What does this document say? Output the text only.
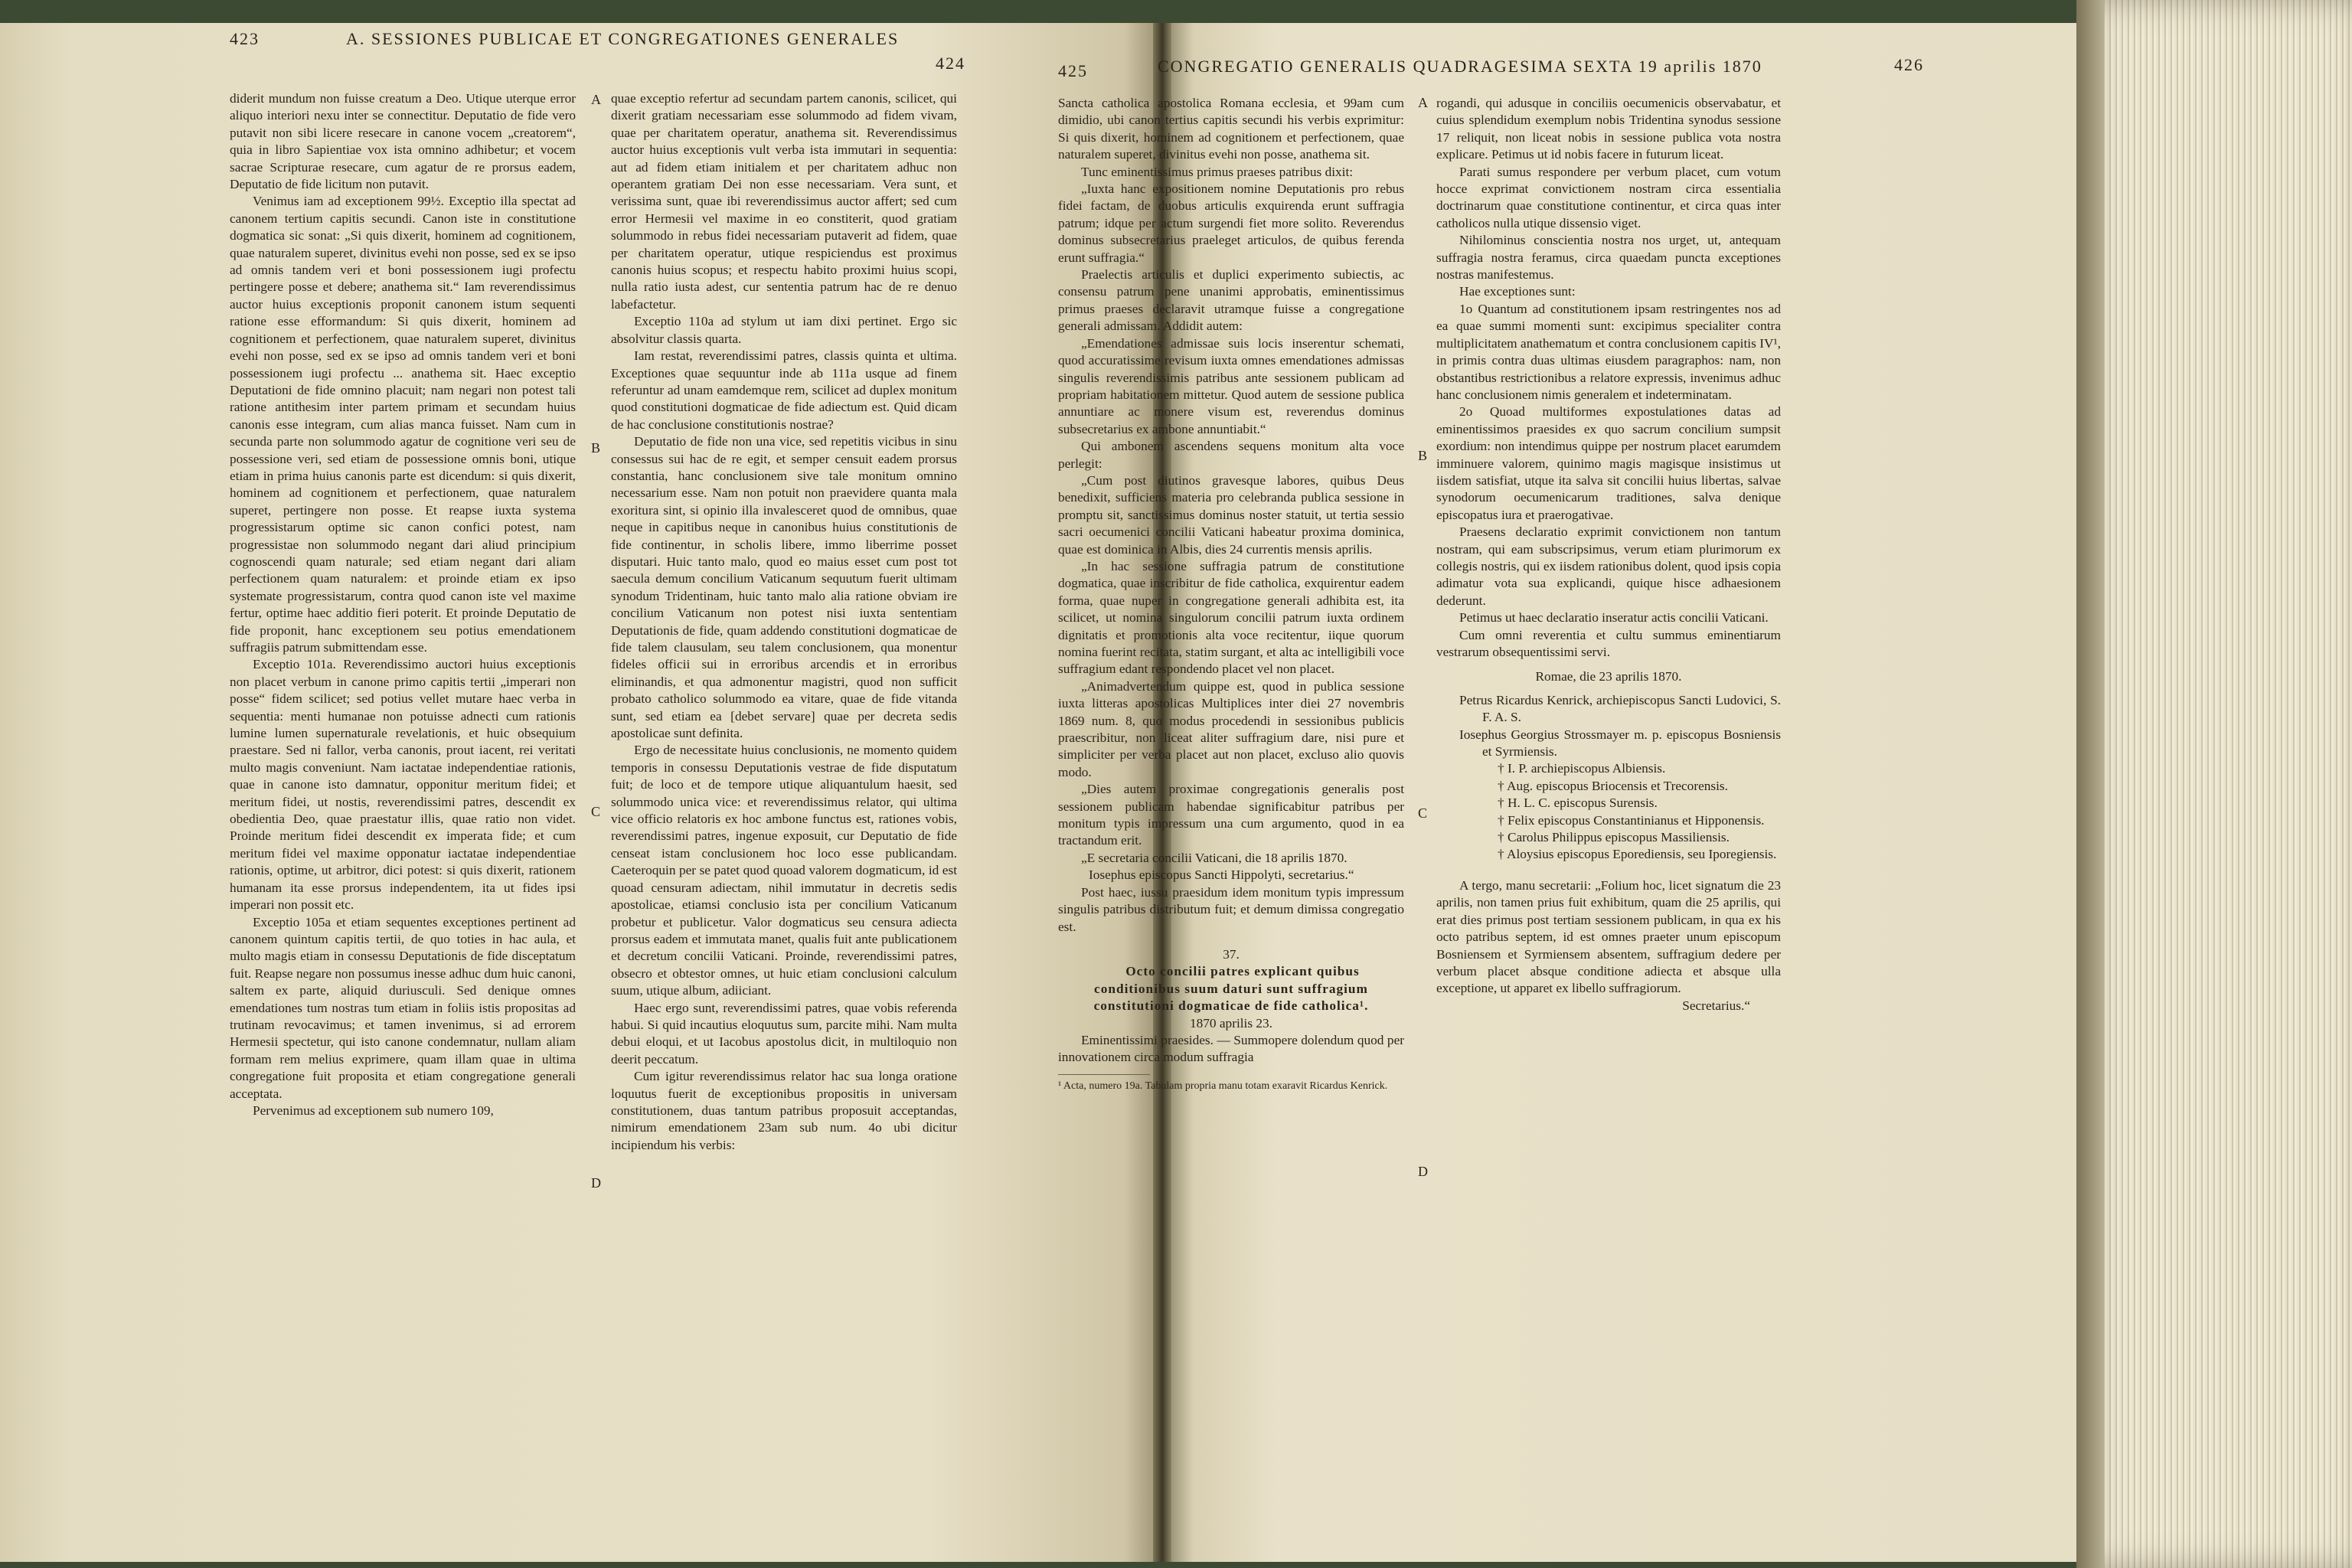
423	A. SESSIONES PUBLICAE ET CONGREGATIONES GENERALES
424	425	CONGREGATIO GENERALIS QUADRAGESIMA SEXTA 19 aprilis 1870	426

diderit mundum non fuisse creatum a Deo. Utique uterque error aliquo interiori nexu inter se connectitur. Deputatio de fide vero putavit non sibi licere resecare in canone vocem „creatorem“, quia in libro Sapientiae vox ista omnino adhibetur; et vocem sacrae Scripturae resecare, cum agatur de re prorsus eadem, Deputatio de fide licitum non putavit.

Venimus iam ad exceptionem 99½. Exceptio illa spectat ad canonem tertium capitis secundi. Canon iste in constitutione dogmatica sic sonat: „Si quis dixerit, hominem ad cognitionem, quae naturalem superet, divinitus evehi non posse, sed ex se ipso ad omnis tandem veri et boni possessionem iugi profectu pertingere posse et debere; anathema sit.“ Iam reverendissimus auctor huius exceptionis proponit canonem istum sequenti ratione esse efformandum: Si quis dixerit, hominem ad cognitionem et perfectionem, quae naturalem superet, divinitus evehi non posse, sed ex se ipso ad omnis tandem veri et boni possessionem iugi profectu ... anathema sit. Haec exceptio Deputationi de fide omnino placuit; nam negari non potest tali ratione antithesim inter partem primam et secundam huius canonis esse integram, cum alias manca fuisset. Nam cum in secunda parte non solummodo agatur de cognitione veri seu de possessione veri, sed etiam de possessione omnis boni, utique etiam in prima huius canonis parte est dicendum: si quis dixerit, hominem ad cognitionem et perfectionem, quae naturalem superet, pertingere non posse. Et reapse iuxta systema progressistarum optime sic canon confici potest, nam progressistae non solummodo negant dari aliud principium cognoscendi quam naturale; sed etiam negant dari aliam perfectionem quam naturalem: et proinde etiam ex ipso systemate progressistarum, contra quod canon iste vel maxime fertur, optime haec additio fieri poterit. Et proinde Deputatio de fide proponit, hanc exceptionem seu potius emendationem suffragiis patrum submittendam esse.

Exceptio 101a. Reverendissimo auctori huius exceptionis non placet verbum in canone primo capitis tertii „imperari non posse“ fidem scilicet; sed potius vellet mutare haec verba in sequentia: menti humanae non potuisse adnecti cum rationis lumine lumen supernaturale revelationis, et huic obsequium praestare. Sed ni fallor, verba canonis, prout iacent, rei veritati multo magis conveniunt. Nam iactatae independentiae rationis, quae in canone isto damnatur, opponitur meritum fidei; et meritum fidei, ut nostis, reverendissimi patres, descendit ex obedientia Deo, quae praestatur illis, quae ratio non videt. Proinde meritum fidei descendit ex imperata fide; et cum meritum fidei vel maxime opponatur iactatae independentiae rationis, optime, ut arbitror, dici potest: si quis dixerit, rationem humanam ita esse prorsus independentem, ita ut fides ipsi imperari non possit etc.

Exceptio 105a et etiam sequentes exceptiones pertinent ad canonem quintum capitis tertii, de quo toties in hac aula, et multo magis etiam in consessu Deputationis de fide disceptatum fuit. Reapse negare non possumus inesse adhuc dum huic canoni, saltem ex parte, aliquid duriusculi. Sed denique omnes emendationes tum nostras tum etiam in foliis istis propositas ad trutinam revocavimus; et tamen invenimus, si ad errorem Hermesii spectetur, qui isto canone condemnatur, nullam aliam formam rem melius exprimere, quam illam quae in ultima congregatione fuit proposita et etiam congregatione generali acceptata.

Pervenimus ad exceptionem sub numero 109,

quae exceptio refertur ad secundam partem canonis, scilicet, qui dixerit gratiam necessariam esse solummodo ad fidem vivam, quae per charitatem operatur, anathema sit. Reverendissimus auctor huius exceptionis vult verba ista immutari in sequentia: aut ad fidem etiam initialem et per charitatem adhuc non operantem gratiam Dei non esse necessariam. Vera sunt, et verissima sunt, quae ibi reverendissimus auctor affert; sed cum error Hermesii vel maxime in eo constiterit, quod gratiam solummodo in rebus fidei necessariam putaverit ad fidem, quae per charitatem operatur, utique respiciendus est proximus canonis huius scopus; et respectu habito proximi huius scopi, nulla ratio iusta adest, cur sententia patrum hac de re denuo labefactetur.

Exceptio 110a ad stylum ut iam dixi pertinet. Ergo sic absolvitur classis quarta.

Iam restat, reverendissimi patres, classis quinta et ultima. Exceptiones quae sequuntur inde ab 111a usque ad finem referuntur ad unam eamdemque rem, scilicet ad duplex monitum quod constitutioni dogmaticae de fide adiectum est. Quid dicam de hac conclusione constitutionis nostrae?

Deputatio de fide non una vice, sed repetitis vicibus in sinu consessus sui hac de re egit, et semper censuit eadem prorsus constantia, hanc conclusionem sive tale monitum omnino necessarium esse. Nam non potuit non praevidere quanta mala exoritura sint, si opinio illa invalesceret quod de omnibus, quae neque in capitibus neque in canonibus huius constitutionis de fide continentur, in scholis libere, immo liberrime posset disputari. Huic tanto malo, quod eo maius esset cum post tot saecula demum concilium Vaticanum sequutum fuerit ultimam synodum Tridentinam, huic tanto malo alia ratione obviam ire concilium Vaticanum non potest nisi iuxta sententiam Deputationis de fide, quam addendo constitutioni dogmaticae de fide talem clausulam, seu talem conclusionem, qua monentur fideles officii sui in erroribus arcendis et in erroribus eliminandis, et qua admonentur magistri, quod non sufficit probato catholico solummodo ea vitare, quae de fide vitanda sunt, sed etiam ea [debet servare] quae per decreta sedis apostolicae sunt definita.

Ergo de necessitate huius conclusionis, ne momento quidem temporis in consessu Deputationis vestrae de fide disputatum fuit; de loco et de tempore utique aliquantulum haesit, sed solummodo unica vice: et reverendissimus relator, qui ultima vice officio relatoris ex hoc ambone functus est, rationes vobis, reverendissimi patres, ingenue exposuit, cur Deputatio de fide censeat istam conclusionem hoc loco esse publicandam. Caeteroquin per se patet quod quoad valorem dogmaticum, id est quoad censuram adiectam, nihil immutatur in decretis sedis apostolicae, etiamsi conclusio ista per concilium Vaticanum probetur et publicetur. Valor dogmaticus seu censura adiecta prorsus eadem et immutata manet, qualis fuit ante publicationem et decretum concilii Vaticani. Proinde, reverendissimi patres, obsecro et obtestor omnes, ut huic etiam conclusioni calculum suum, utique album, adiiciant.

Haec ergo sunt, reverendissimi patres, quae vobis referenda habui. Si quid incautius eloquutus sum, parcite mihi. Nam multa debui eloqui, et ut Iacobus apostolus dicit, in multiloquio non deerit peccatum.

Cum igitur reverendissimus relator hac sua longa oratione loquutus fuerit de exceptionibus propositis in universam constitutionem, duas tantum patribus proposuit acceptandas, nimirum emendationem 23am sub num. 4o ubi dicitur incipiendum his verbis:

A
B
C
D

Sancta catholica apostolica Romana ecclesia, et 99am cum dimidio, ubi canon tertius capitis secundi his verbis exprimitur: Si quis dixerit, hominem ad cognitionem et perfectionem, quae naturalem superet, divinitus evehi non posse, anathema sit.

Tunc eminentissimus primus praeses patribus dixit:

„Iuxta hanc expositionem nomine Deputationis pro rebus fidei factam, de duobus articulis exquirenda erunt suffragia patrum; idque per actum surgendi fiet more solito. Reverendus dominus subsecretarius praeleget articulos, de quibus ferenda erunt suffragia.“

Praelectis articulis et duplici experimento subiectis, ac consensu patrum pene unanimi approbatis, eminentissimus primus praeses declaravit utramque fuisse a congregatione generali admissam. Addidit autem:

„Emendationes admissae suis locis inserentur schemati, quod accuratissime revisum iuxta omnes emendationes admissas singulis reverendissimis patribus ante sessionem publicam ad propriam habitationem mittetur. Quod autem de sessione publica annuntiare ac monere visum est, reverendus dominus subsecretarius ex ambone annuntiabit.“

Qui ambonem ascendens sequens monitum alta voce perlegit:

„Cum post diutinos gravesque labores, quibus Deus benedixit, sufficiens materia pro celebranda publica sessione in promptu sit, sanctissimus dominus noster statuit, ut tertia sessio sacri oecumenici concilii Vaticani habeatur proxima dominica, quae est dominica in Albis, dies 24 currentis mensis aprilis.

„In hac sessione suffragia patrum de constitutione dogmatica, quae inscribitur de fide catholica, exquirentur eadem forma, quae nuper in congregatione generali adhibita est, ita scilicet, ut nomina singulorum concilii patrum iuxta ordinem dignitatis et promotionis alta voce recitentur, iique quorum nomina fuerint recitata, statim surgant, et alta ac intelligibili voce suffragium edant respondendo placet vel non placet.

„Animadvertendum quippe est, quod in publica sessione iuxta litteras apostolicas Multiplices inter diei 27 novembris 1869 num. 8, quo modus procedendi in sessionibus publicis praescribitur, non liceat aliter suffragium dare, nisi pure et simpliciter per verba placet aut non placet, excluso alio quovis modo.

„Dies autem proximae congregationis generalis post sessionem publicam habendae significabitur patribus per monitum typis impressum una cum argumento, quod in ea tractandum erit.

„E secretaria concilii Vaticani, die 18 aprilis 1870.

Iosephus episcopus Sancti Hippolyti, secretarius.“

Post haec, iussu praesidum idem monitum typis impressum singulis patribus distributum fuit; et demum dimissa congregatio est.

37.

Octo concilii patres explicant quibus conditionibus suum daturi sunt suffragium constitutioni dogmaticae de fide catholica¹.

1870 aprilis 23.

Eminentissimi praesides. — Summopere dolendum quod per innovationem circa modum suffragia

¹ Acta, numero 19a. Tabulam propria manu totam exaravit Ricardus Kenrick.

A
B
C
D

rogandi, qui adusque in conciliis oecumenicis observabatur, et cuius splendidum exemplum nobis Tridentina synodus sessione 17 reliquit, non liceat nobis in sessione publica vota nostra explicare. Petimus ut id nobis facere in futurum liceat.

Parati sumus respondere per verbum placet, cum votum hocce exprimat convictionem nostram circa essentialia doctrinarum quae constitutione continentur, et circa quas inter catholicos nulla utique dissensio viget.

Nihilominus conscientia nostra nos urget, ut, antequam suffragia nostra feramus, circa quaedam puncta exceptiones nostras manifestemus.

Hae exceptiones sunt:

1o Quantum ad constitutionem ipsam restringentes nos ad ea quae summi momenti sunt: excipimus specialiter contra multiplicitatem anathematum et contra conclusionem capitis IV¹, in primis contra duas ultimas eiusdem paragraphos: nam, non obstantibus restrictionibus a relatore expressis, invenimus adhuc hanc conclusionem nimis generalem et indeterminatam.

2o Quoad multiformes expostulationes datas ad eminentissimos praesides ex quo sacrum concilium sumpsit exordium: non intendimus quippe per nostrum placet earumdem imminuere valorem, quinimo magis magisque insistimus ut iisdem satisfiat, utque ita salva sit concilii huius libertas, salvae synodorum oecumenicarum traditiones, salva denique episcopatus iura et praerogativae.

Praesens declaratio exprimit convictionem non tantum nostram, qui eam subscripsimus, verum etiam plurimorum ex collegis nostris, qui ex iisdem rationibus dolent, quod ipsis copia adimatur vota sua explicandi, quique hisce adhaesionem dederunt.

Petimus ut haec declaratio inseratur actis concilii Vaticani.

Cum omni reverentia et cultu summus eminentiarum vestrarum obsequentissimi servi.

Romae, die 23 aprilis 1870.

Petrus Ricardus Kenrick, archiepiscopus Sancti Ludovici, S. F. A. S.

Iosephus Georgius Strossmayer m. p. episcopus Bosniensis et Syrmiensis.

† I. P. archiepiscopus Albiensis.

† Aug. episcopus Briocensis et Trecorensis.

† H. L. C. episcopus Surensis.

† Felix episcopus Constantinianus et Hipponensis.

† Carolus Philippus episcopus Massiliensis.

† Aloysius episcopus Eporediensis, seu Iporegiensis.

A tergo, manu secretarii: „Folium hoc, licet signatum die 23 aprilis, non tamen prius fuit exhibitum, quam die 25 aprilis, qui erat dies primus post tertiam sessionem publicam, in qua ex his octo patribus septem, id est omnes praeter unum episcopum Bosniensem et Syrmiensem absentem, suffragium dedere per verbum placet absque conditione adiecta et absque ulla exceptione, ut apparet ex libello suffragiorum.

Secretarius.“
